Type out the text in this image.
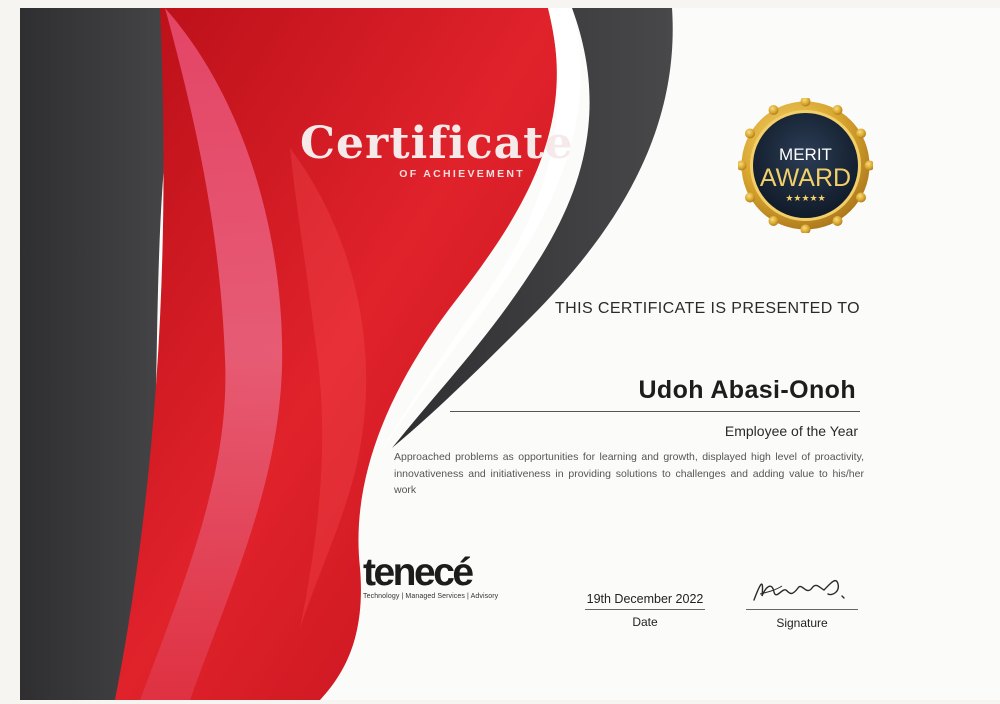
Certificate
OF ACHIEVEMENT
MERIT
AWARD
★★★★★
THIS CERTIFICATE IS PRESENTED TO
Udoh Abasi-Onoh
Employee of the Year
Approached problems as opportunities for learning and growth, displayed high level of proactivity, innovativeness and initiativeness in providing solutions to challenges and adding value to his/her work
tenecé
Technology | Managed Services | Advisory	19th December 2022
Date	Signature
